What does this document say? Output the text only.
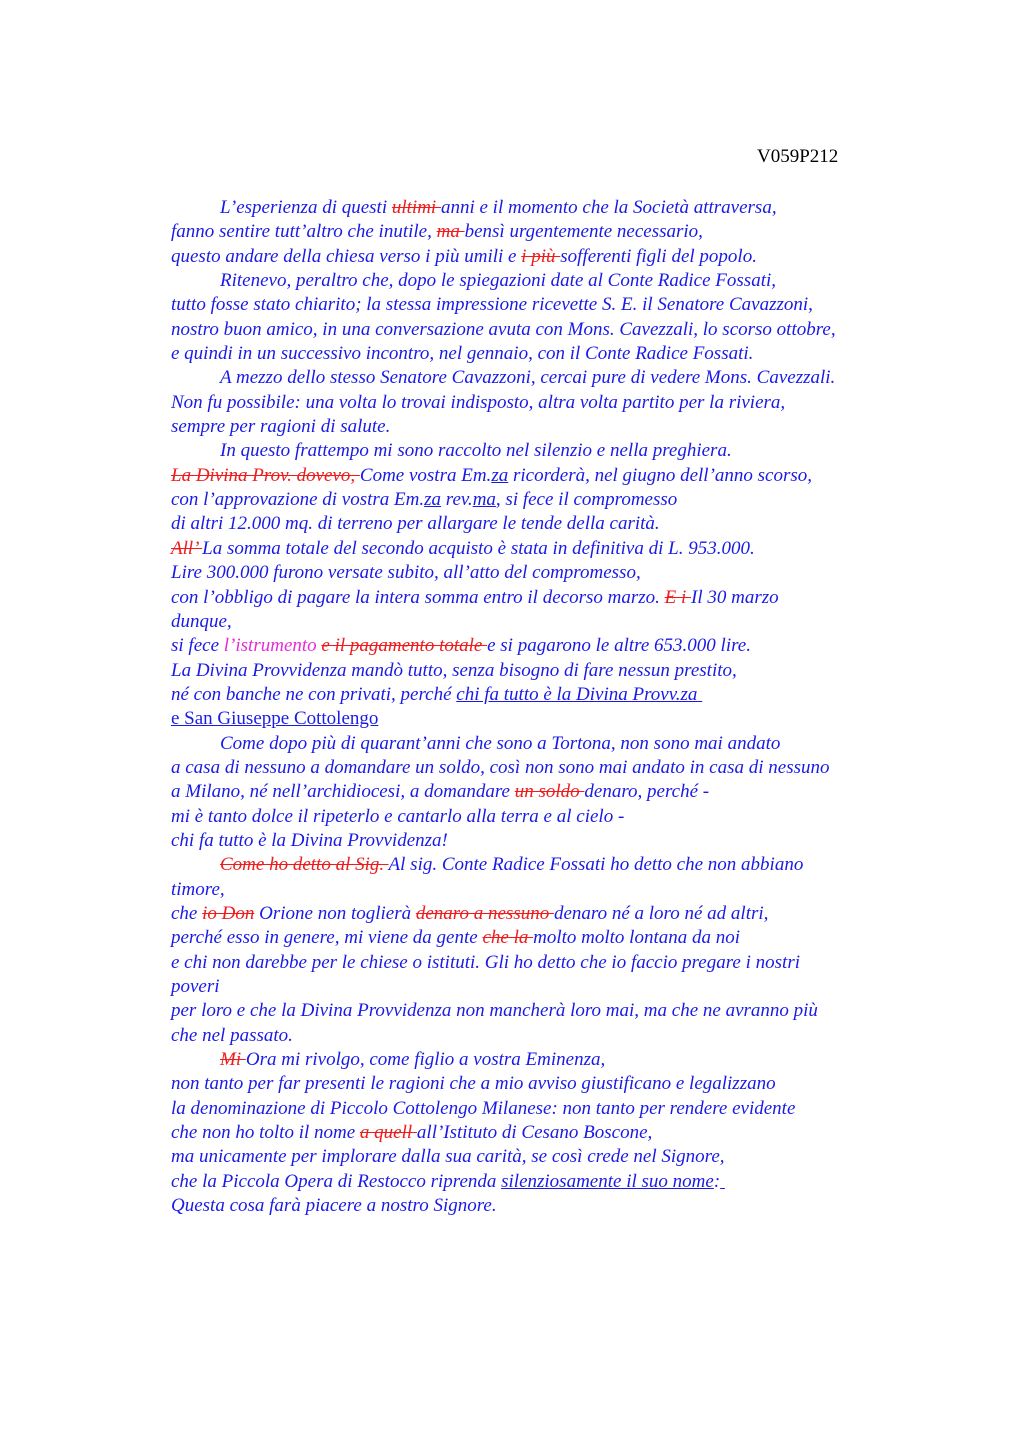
V059P212
L’esperienza di questi ultimi anni e il momento che la Società attraversa,
fanno sentire tutt’altro che inutile, ma bensì urgentemente necessario,
questo andare della chiesa verso i più umili e i più sofferenti figli del popolo.
Ritenevo, peraltro che, dopo le spiegazioni date al Conte Radice Fossati,
tutto fosse stato chiarito; la stessa impressione ricevette S. E. il Senatore Cavazzoni,
nostro buon amico, in una conversazione avuta con Mons. Cavezzali, lo scorso ottobre,
e quindi in un successivo incontro, nel gennaio, con il Conte Radice Fossati.
A mezzo dello stesso Senatore Cavazzoni, cercai pure di vedere Mons. Cavezzali.
Non fu possibile: una volta lo trovai indisposto, altra volta partito per la riviera,
sempre per ragioni di salute.
In questo frattempo mi sono raccolto nel silenzio e nella preghiera.
La Divina Prov. dovevo, Come vostra Em.za ricorderà, nel giugno dell’anno scorso,
con l’approvazione di vostra Em.za rev.ma, si fece il compromesso
di altri 12.000 mq. di terreno per allargare le tende della carità.
All’ La somma totale del secondo acquisto è stata in definitiva di L. 953.000.
Lire 300.000 furono versate subito, all’atto del compromesso,
con l’obbligo di pagare la intera somma entro il decorso marzo. E i Il 30 marzo
dunque,
si fece l’istrumento e il pagamento totale e si pagarono le altre 653.000 lire.
La Divina Provvidenza mandò tutto, senza bisogno di fare nessun prestito,
né con banche ne con privati, perché chi fa tutto è la Divina Provv.za
e San Giuseppe Cottolengo
Come dopo più di quarant’anni che sono a Tortona, non sono mai andato
a casa di nessuno a domandare un soldo, così non sono mai andato in casa di nessuno
a Milano, né nell’archidiocesi, a domandare un soldo denaro, perché -
mi è tanto dolce il ripeterlo e cantarlo alla terra e al cielo -
chi fa tutto è la Divina Provvidenza!
Come ho detto al Sig. Al sig. Conte Radice Fossati ho detto che non abbiano
timore,
che io Don Orione non toglierà denaro a nessuno denaro né a loro né ad altri,
perché esso in genere, mi viene da gente che la molto molto lontana da noi
e chi non darebbe per le chiese o istituti. Gli ho detto che io faccio pregare i nostri
poveri
per loro e che la Divina Provvidenza non mancherà loro mai, ma che ne avranno più
che nel passato.
Mi Ora mi rivolgo, come figlio a vostra Eminenza,
non tanto per far presenti le ragioni che a mio avviso giustificano e legalizzano
la denominazione di Piccolo Cottolengo Milanese: non tanto per rendere evidente
che non ho tolto il nome a quell all’Istituto di Cesano Boscone,
ma unicamente per implorare dalla sua carità, se così crede nel Signore,
che la Piccola Opera di Restocco riprenda silenziosamente il suo nome:
Questa cosa farà piacere a nostro Signore.
